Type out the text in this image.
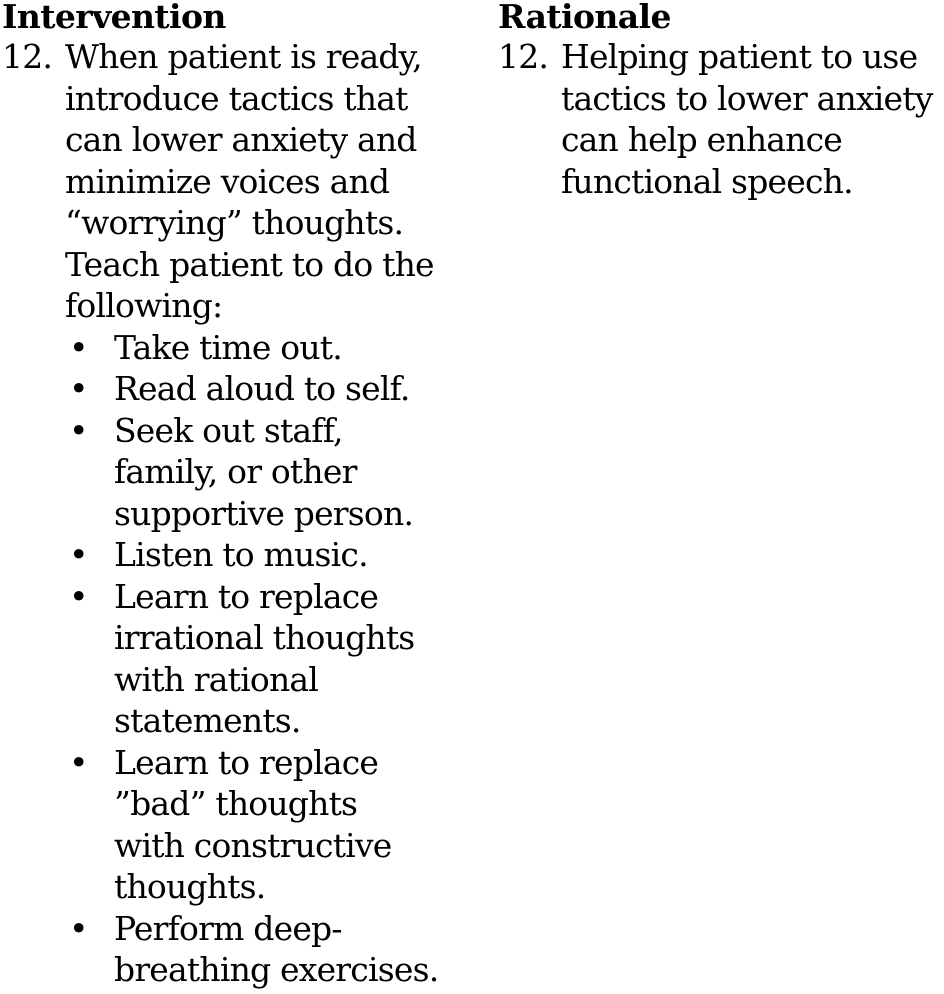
Intervention
12. When patient is ready,
introduce tactics that
can lower anxiety and
minimize voices and
“worrying” thoughts.
Teach patient to do the
following:
• Take time out.
• Read aloud to self.
• Seek out staff,
family, or other
supportive person.
• Listen to music.
• Learn to replace
irrational thoughts
with rational
statements.
• Learn to replace
”bad” thoughts
with constructive
thoughts.
• Perform deep-
breathing exercises.
Rationale
12. Helping patient to use
tactics to lower anxiety
can help enhance
functional speech.
